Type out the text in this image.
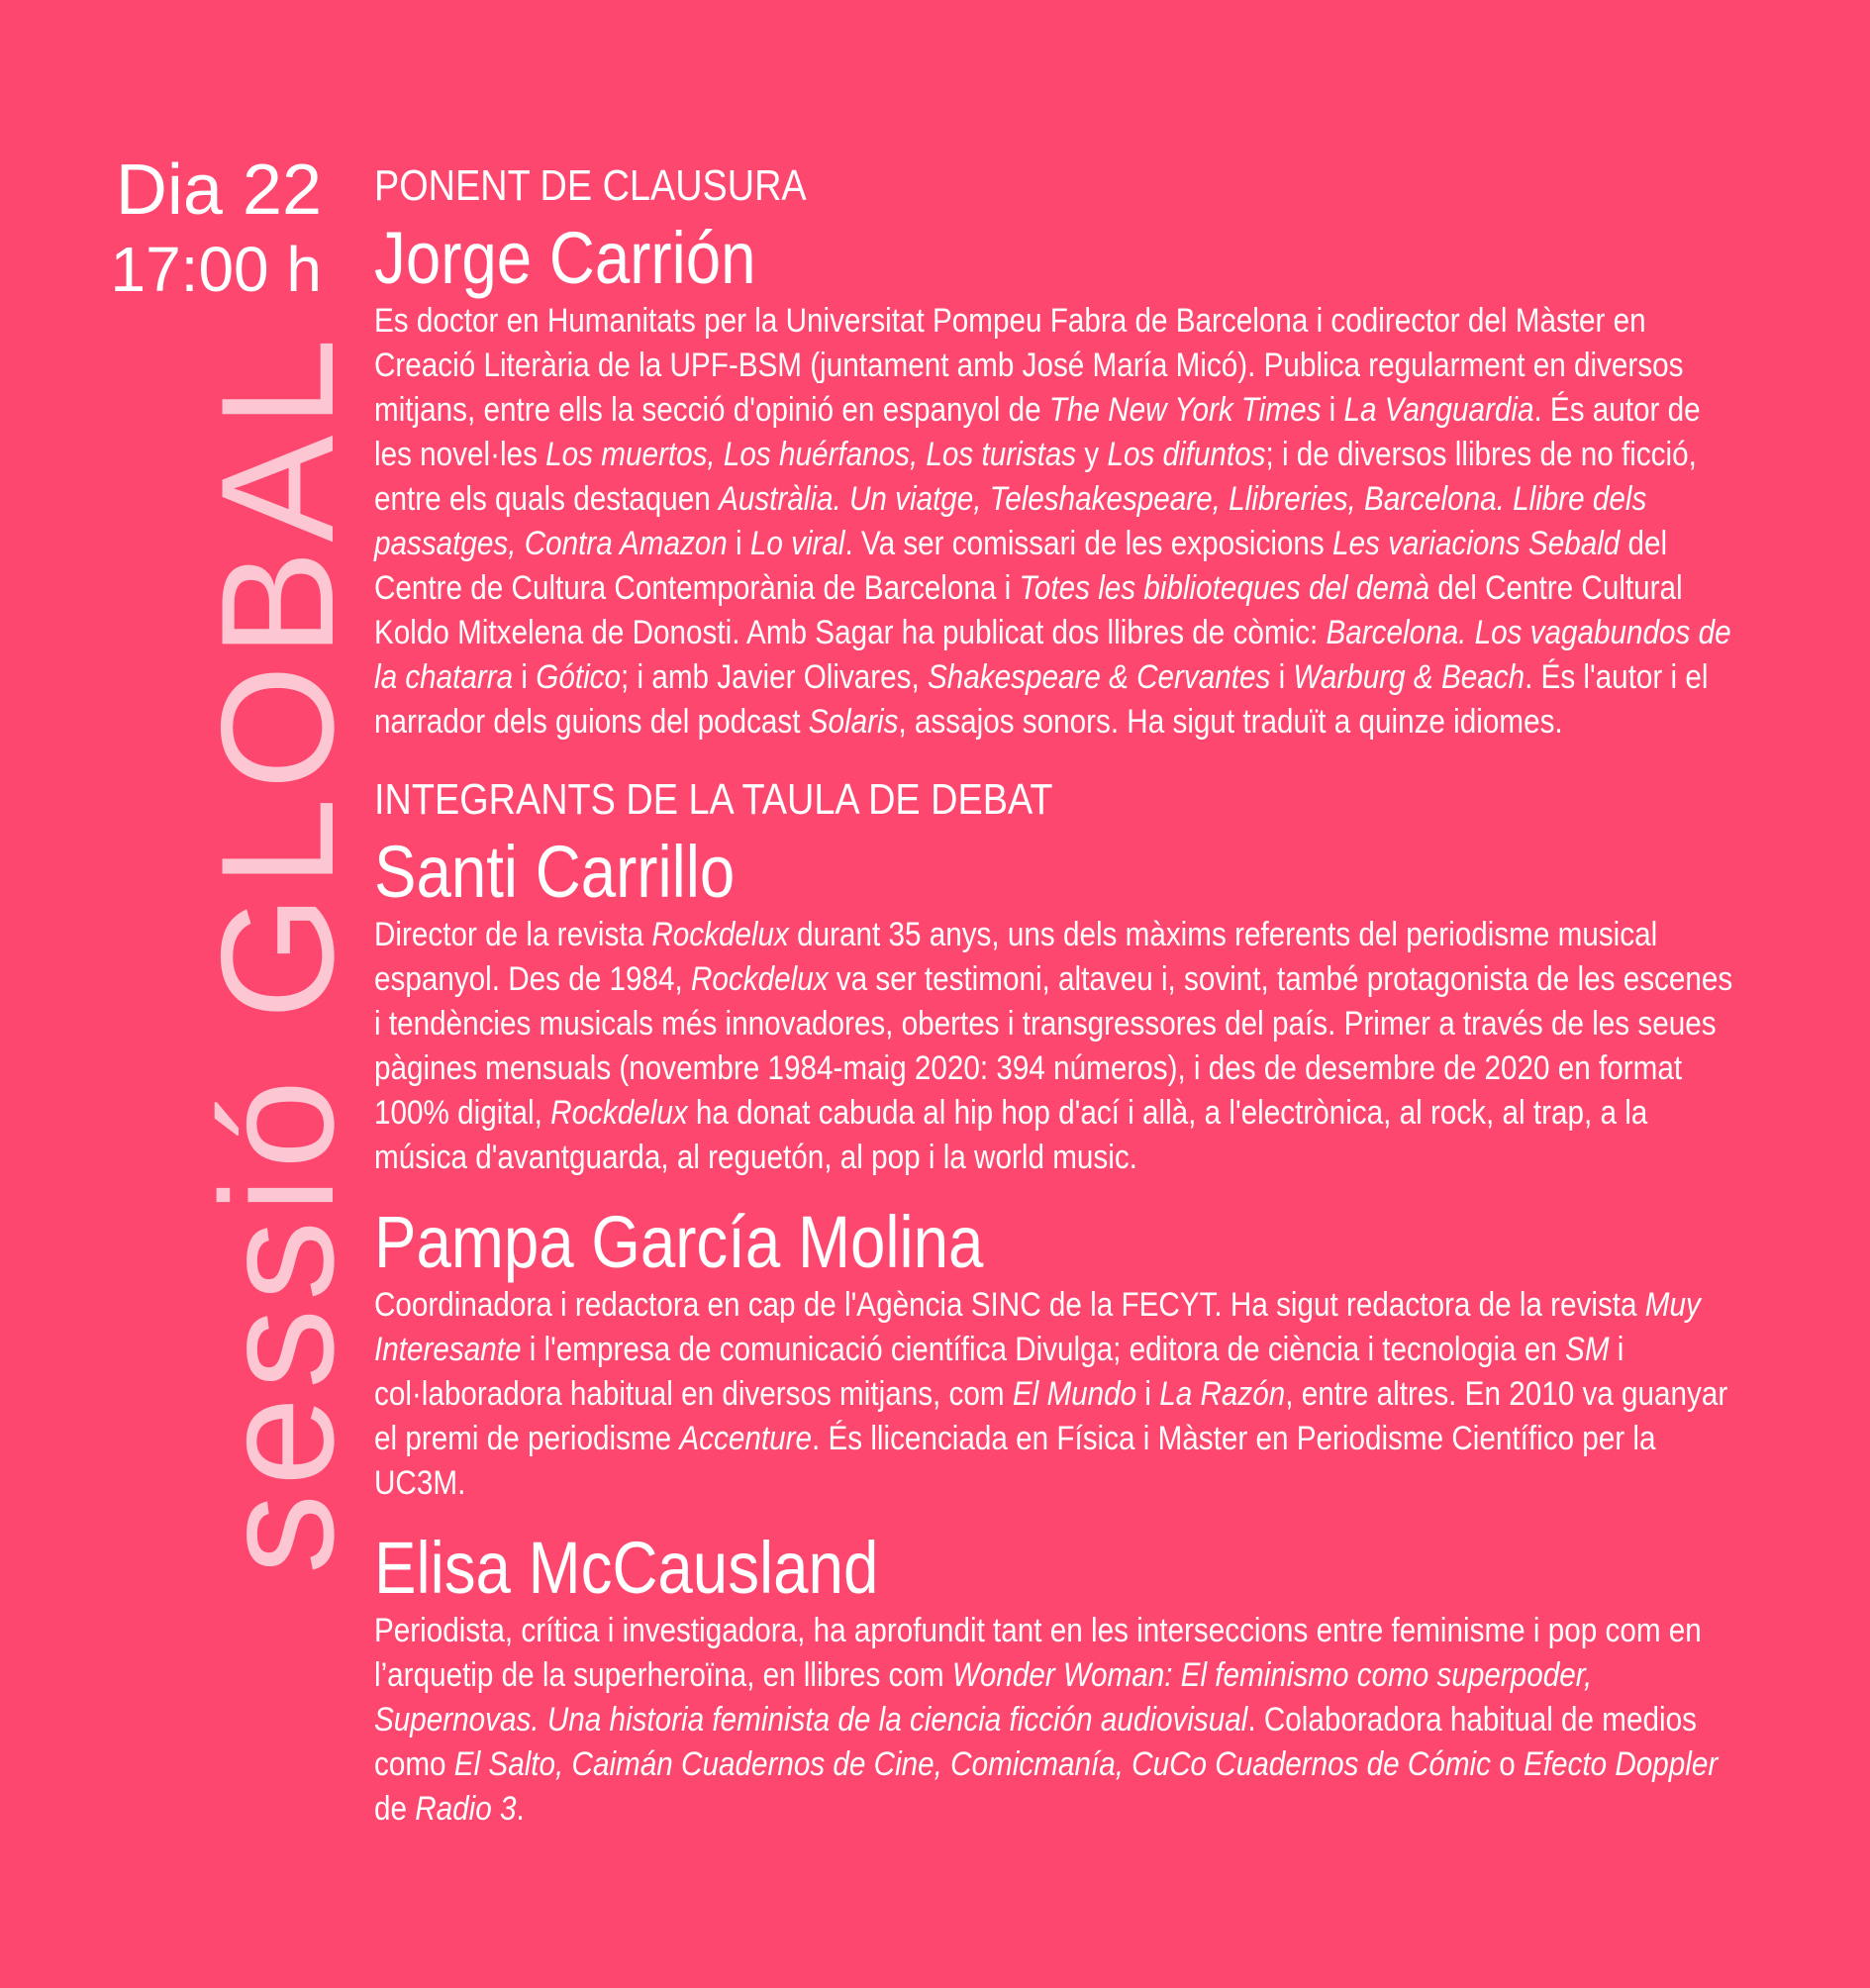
Dia 22
17:00 h
sessió GLOBAL
PONENT DE CLAUSURA
Jorge Carrión

Es doctor en Humanitats per la Universitat Pompeu Fabra de Barcelona i codirector del Màster en Creació Literària de la UPF-BSM (juntament amb José María Micó). Publica regularment en diversos mitjans, entre ells la secció d'opinió en espanyol de The New York Times i La Vanguardia. És autor de les novel·les Los muertos, Los huérfanos, Los turistas y Los difuntos; i de diversos llibres de no ficció, entre els quals destaquen Austràlia. Un viatge, Teleshakespeare, Llibreries, Barcelona. Llibre dels passatges, Contra Amazon i Lo viral. Va ser comissari de les exposicions Les variacions Sebald del Centre de Cultura Contemporània de Barcelona i Totes les biblioteques del demà del Centre Cultural Koldo Mitxelena de Donosti. Amb Sagar ha publicat dos llibres de còmic: Barcelona. Los vagabundos de la chatarra i Gótico; i amb Javier Olivares, Shakespeare & Cervantes i Warburg & Beach. És l'autor i el narrador dels guions del podcast Solaris, assajos sonors. Ha sigut traduït a quinze idiomes.

INTEGRANTS DE LA TAULA DE DEBAT
Santi Carrillo

Director de la revista Rockdelux durant 35 anys, uns dels màxims referents del periodisme musical espanyol. Des de 1984, Rockdelux va ser testimoni, altaveu i, sovint, també protagonista de les escenes i tendències musicals més innovadores, obertes i transgressores del país. Primer a través de les seues pàgines mensuals (novembre 1984-maig 2020: 394 números), i des de desembre de 2020 en format 100% digital, Rockdelux ha donat cabuda al hip hop d'ací i allà, a l'electrònica, al rock, al trap, a la música d'avantguarda, al reguetón, al pop i la world music.

Pampa García Molina

Coordinadora i redactora en cap de l'Agència SINC de la FECYT. Ha sigut redactora de la revista Muy Interesante i l'empresa de comunicació científica Divulga; editora de ciència i tecnologia en SM i col·laboradora habitual en diversos mitjans, com El Mundo i La Razón, entre altres. En 2010 va guanyar el premi de periodisme Accenture. És llicenciada en Física i Màster en Periodisme Científico per la UC3M.

Elisa McCausland

Periodista, crítica i investigadora, ha aprofundit tant en les interseccions entre feminisme i pop com en l’arquetip de la superheroïna, en llibres com Wonder Woman: El feminismo como superpoder, Supernovas. Una historia feminista de la ciencia ficción audiovisual. Colaboradora habitual de medios como El Salto, Caimán Cuadernos de Cine, Comicmanía, CuCo Cuadernos de Cómic o Efecto Doppler de Radio 3.
